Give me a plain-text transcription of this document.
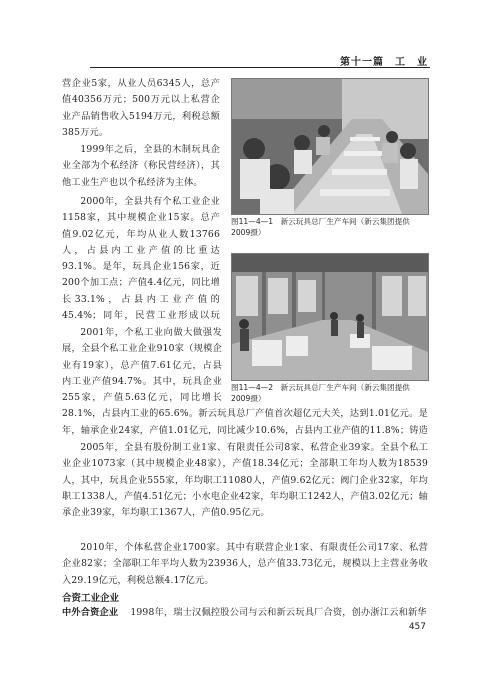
第十一篇　工　业

营企业5家，从业人员6345人，总产值40356万元；500万元以上私营企业产品销售收入5194万元，利税总额385万元。

1999年之后，全县的木制玩具企业全部为个私经济（称民营经济），其他工业生产也以个私经济为主体。

2000年，全县共有个私工业企业1158家，其中规模企业15家。总产值9.02亿元，年均从业人数13766人，占县内工业产值的比重达93.1%。是年，玩具企业156家，近200个加工点；产值4.4亿元，同比增长33.1%，占县内工业产值的45.4%；同年，民营工业形成以玩

2001年，个私工业向做大做强发展，全县个私工业企业910家（规模企业有19家），总产值7.61亿元，占县内工业产值94.7%。其中，玩具企业255家，产值5.63亿元，同比增长28.1%，占县内工业的65.6%。新云玩具总厂产值首次超亿元大关，达到1.01亿元。是年，轴承企业24家，产值1.01亿元，同比减少10.6%，占县内工业产值的11.8%；铸造

2005年，全县有股份制工业1家、有限责任公司8家、私营企业39家。全县个私工业企业1073家（其中规模企业48家），产值18.34亿元；全部职工年均人数为18539人，其中，玩具企业555家，年均职工11080人，产值9.62亿元；阀门企业32家，年均职工1338人，产值4.51亿元；小水电企业42家，年均职工1242人，产值3.02亿元；轴承企业39家，年均职工1367人，产值0.95亿元。

2010年，个体私营企业1700家。其中有联营企业1家、有限责任公司17家、私营企业82家；全部职工年平均人数为23936人，总产值33.73亿元，规模以上主营业务收入29.19亿元，利税总额4.17亿元。

合资工业企业

中外合资企业 1998年，瑞士汉佩控股公司与云和新云玩具厂合资，创办浙江云和新华

图11—4—1　新云玩具总厂生产车间（新云集团提供　2009摄）
图11—4—2　新云玩具总厂生产车间（新云集团提供　2009摄）
457
